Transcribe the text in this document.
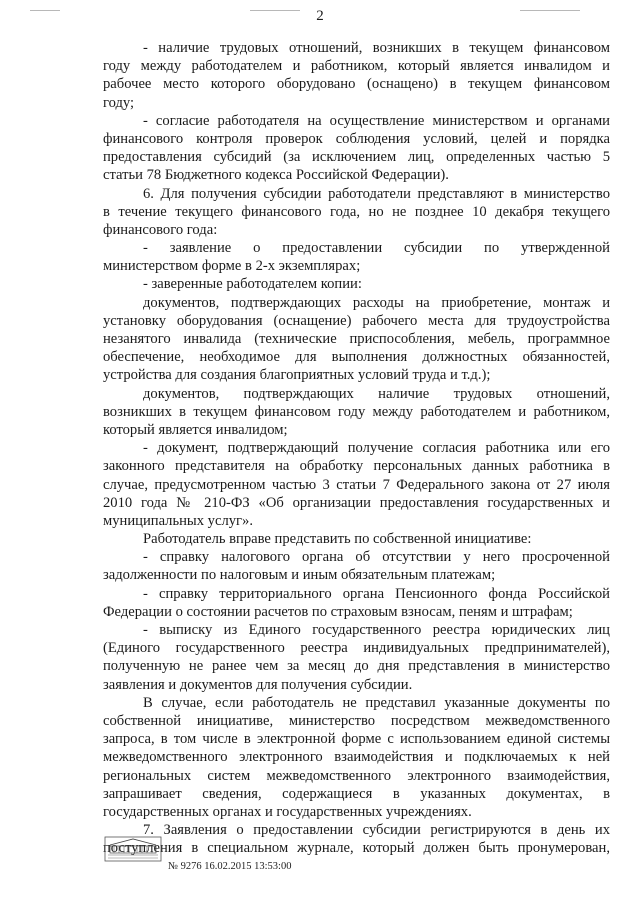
2
- наличие трудовых отношений, возникших в текущем финансовом
году между работодателем и работником, который является инвалидом и
рабочее место которого оборудовано (оснащено) в текущем финансовом
году;
- согласие работодателя на осуществление министерством и органами
финансового контроля проверок соблюдения условий, целей и порядка
предоставления субсидий (за исключением лиц, определенных частью 5
статьи 78 Бюджетного кодекса Российской Федерации).
6. Для получения субсидии работодатели представляют в министерство
в течение текущего финансового года, но не позднее 10 декабря текущего
финансового года:
- заявление о предоставлении субсидии по утвержденной
министерством форме в 2-х экземплярах;
- заверенные работодателем копии:
документов, подтверждающих расходы на приобретение, монтаж и
установку оборудования (оснащение) рабочего места для трудоустройства
незанятого инвалида (технические приспособления, мебель, программное
обеспечение, необходимое для выполнения должностных обязанностей,
устройства для создания благоприятных условий труда и т.д.);
документов, подтверждающих наличие трудовых отношений,
возникших в текущем финансовом году между работодателем и работником,
который является инвалидом;
- документ, подтверждающий получение согласия работника или его
законного представителя на обработку персональных данных работника в
случае, предусмотренном частью 3 статьи 7 Федерального закона от 27 июля
2010 года № 210-ФЗ «Об организации предоставления государственных и
муниципальных услуг».
Работодатель вправе представить по собственной инициативе:
- справку налогового органа об отсутствии у него просроченной
задолженности по налоговым и иным обязательным платежам;
- справку территориального органа Пенсионного фонда Российской
Федерации о состоянии расчетов по страховым взносам, пеням и штрафам;
- выписку из Единого государственного реестра юридических лиц
(Единого государственного реестра индивидуальных предпринимателей),
полученную не ранее чем за месяц до дня представления в министерство
заявления и документов для получения субсидии.
В случае, если работодатель не представил указанные документы по
собственной инициативе, министерство посредством межведомственного
запроса, в том числе в электронной форме с использованием единой системы
межведомственного электронного взаимодействия и подключаемых к ней
региональных систем межведомственного электронного взаимодействия,
запрашивает сведения, содержащиеся в указанных документах, в
государственных органах и государственных учреждениях.
7. Заявления о предоставлении субсидии регистрируются в день их
поступления в специальном журнале, который должен быть пронумерован,
№ 9276 16.02.2015 13:53:00
